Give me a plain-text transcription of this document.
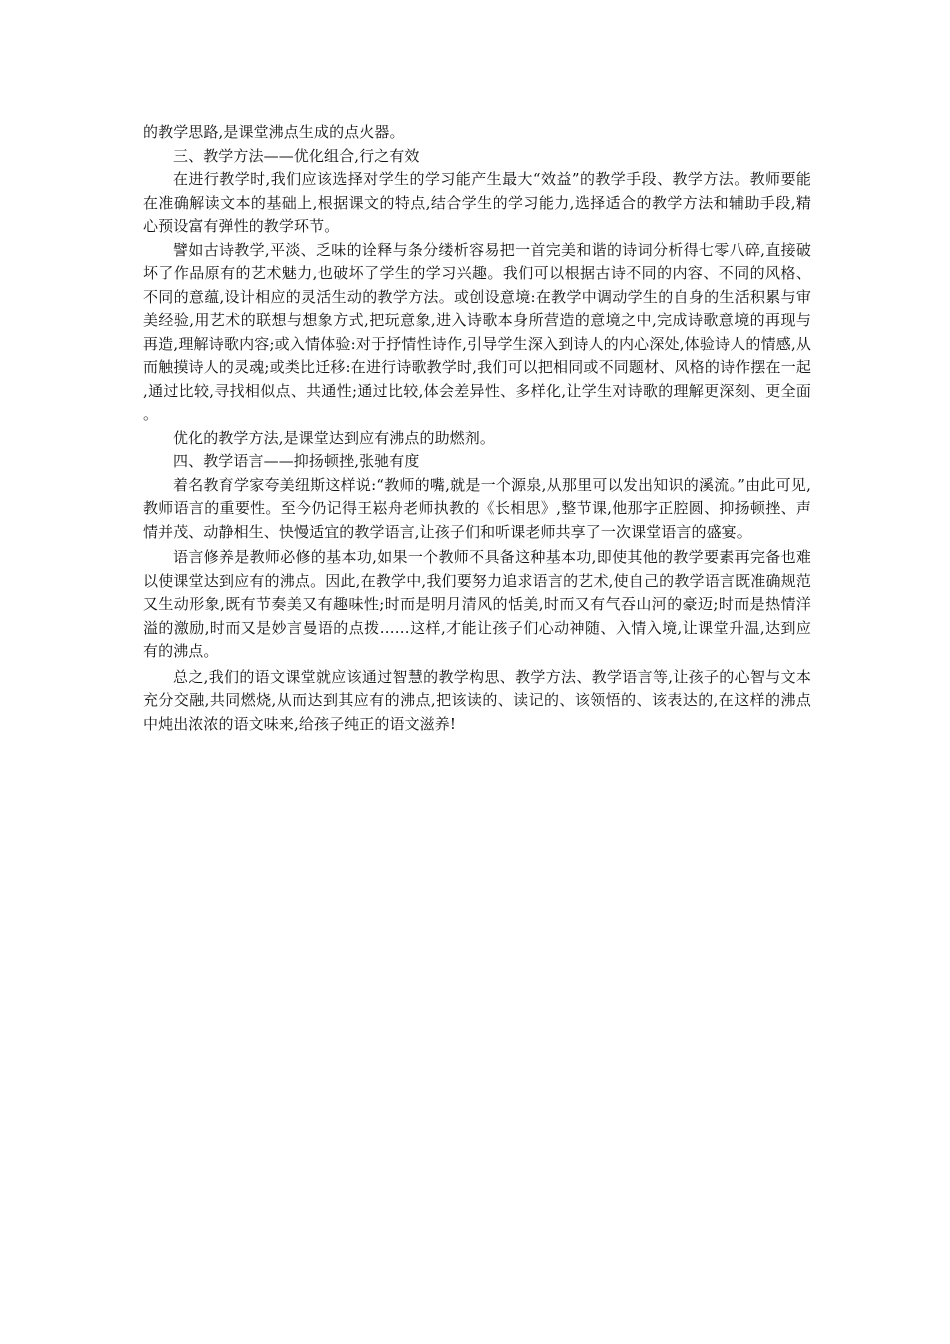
的教学思路,是课堂沸点生成的点火器。

三、教学方法——优化组合,行之有效

在进行教学时,我们应该选择对学生的学习能产生最大“效益”的教学手段、教学方法。教师要能在准确解读文本的基础上,根据课文的特点,结合学生的学习能力,选择适合的教学方法和辅助手段,精心预设富有弹性的教学环节。

譬如古诗教学,平淡、乏味的诠释与条分缕析容易把一首完美和谐的诗词分析得七零八碎,直接破坏了作品原有的艺术魅力,也破坏了学生的学习兴趣。我们可以根据古诗不同的内容、不同的风格、不同的意蕴,设计相应的灵活生动的教学方法。或创设意境:在教学中调动学生的自身的生活积累与审美经验,用艺术的联想与想象方式,把玩意象,进入诗歌本身所营造的意境之中,完成诗歌意境的再现与再造,理解诗歌内容;或入情体验:对于抒情性诗作,引导学生深入到诗人的内心深处,体验诗人的情感,从而触摸诗人的灵魂;或类比迁移:在进行诗歌教学时,我们可以把相同或不同题材、风格的诗作摆在一起,通过比较,寻找相似点、共通性;通过比较,体会差异性、多样化,让学生对诗歌的理解更深刻、更全面。

优化的教学方法,是课堂达到应有沸点的助燃剂。

四、教学语言——抑扬顿挫,张驰有度

着名教育学家夸美纽斯这样说:“教师的嘴,就是一个源泉,从那里可以发出知识的溪流。”由此可见,教师语言的重要性。至今仍记得王崧舟老师执教的《长相思》,整节课,他那字正腔圆、抑扬顿挫、声情并茂、动静相生、快慢适宜的教学语言,让孩子们和听课老师共享了一次课堂语言的盛宴。

语言修养是教师必修的基本功,如果一个教师不具备这种基本功,即使其他的教学要素再完备也难以使课堂达到应有的沸点。因此,在教学中,我们要努力追求语言的艺术,使自己的教学语言既准确规范又生动形象,既有节奏美又有趣味性;时而是明月清风的恬美,时而又有气吞山河的豪迈;时而是热情洋溢的激励,时而又是妙言曼语的点拨……这样,才能让孩子们心动神随、入情入境,让课堂升温,达到应有的沸点。

总之,我们的语文课堂就应该通过智慧的教学构思、教学方法、教学语言等,让孩子的心智与文本充分交融,共同燃烧,从而达到其应有的沸点,把该读的、读记的、该领悟的、该表达的,在这样的沸点中炖出浓浓的语文味来,给孩子纯正的语文滋养!
